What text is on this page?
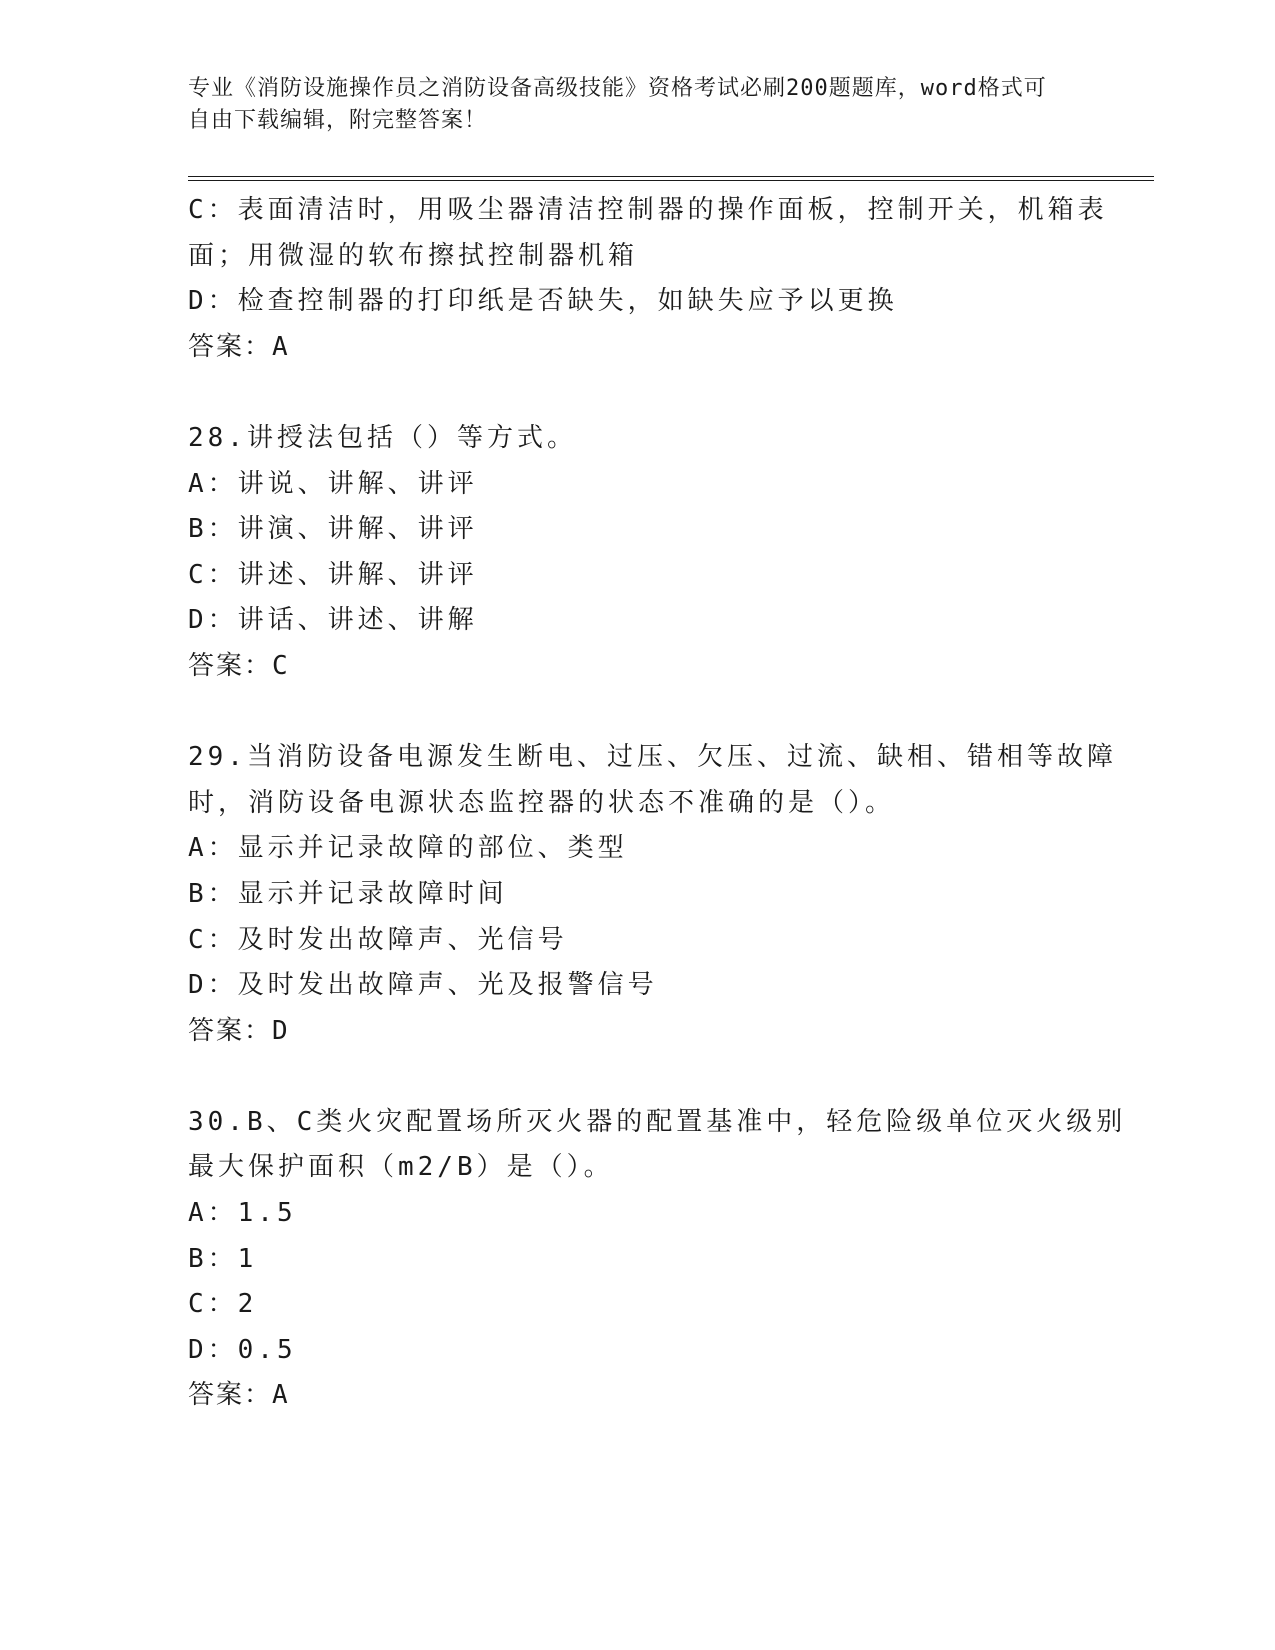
专业《消防设施操作员之消防设备高级技能》资格考试必刷200题题库，word格式可自由下载编辑，附完整答案！

C：表面清洁时，用吸尘器清洁控制器的操作面板，控制开关，机箱表

面；用微湿的软布擦拭控制器机箱

D：检查控制器的打印纸是否缺失，如缺失应予以更换

答案：A

28.讲授法包括（）等方式。

A：讲说、讲解、讲评

B：讲演、讲解、讲评

C：讲述、讲解、讲评

D：讲话、讲述、讲解

答案：C

29.当消防设备电源发生断电、过压、欠压、过流、缺相、错相等故障

时，消防设备电源状态监控器的状态不准确的是（）。

A：显示并记录故障的部位、类型

B：显示并记录故障时间

C：及时发出故障声、光信号

D：及时发出故障声、光及报警信号

答案：D

30.B、C类火灾配置场所灭火器的配置基准中，轻危险级单位灭火级别

最大保护面积（m2/B）是（）。

A：1.5

B：1

C：2

D：0.5

答案：A
